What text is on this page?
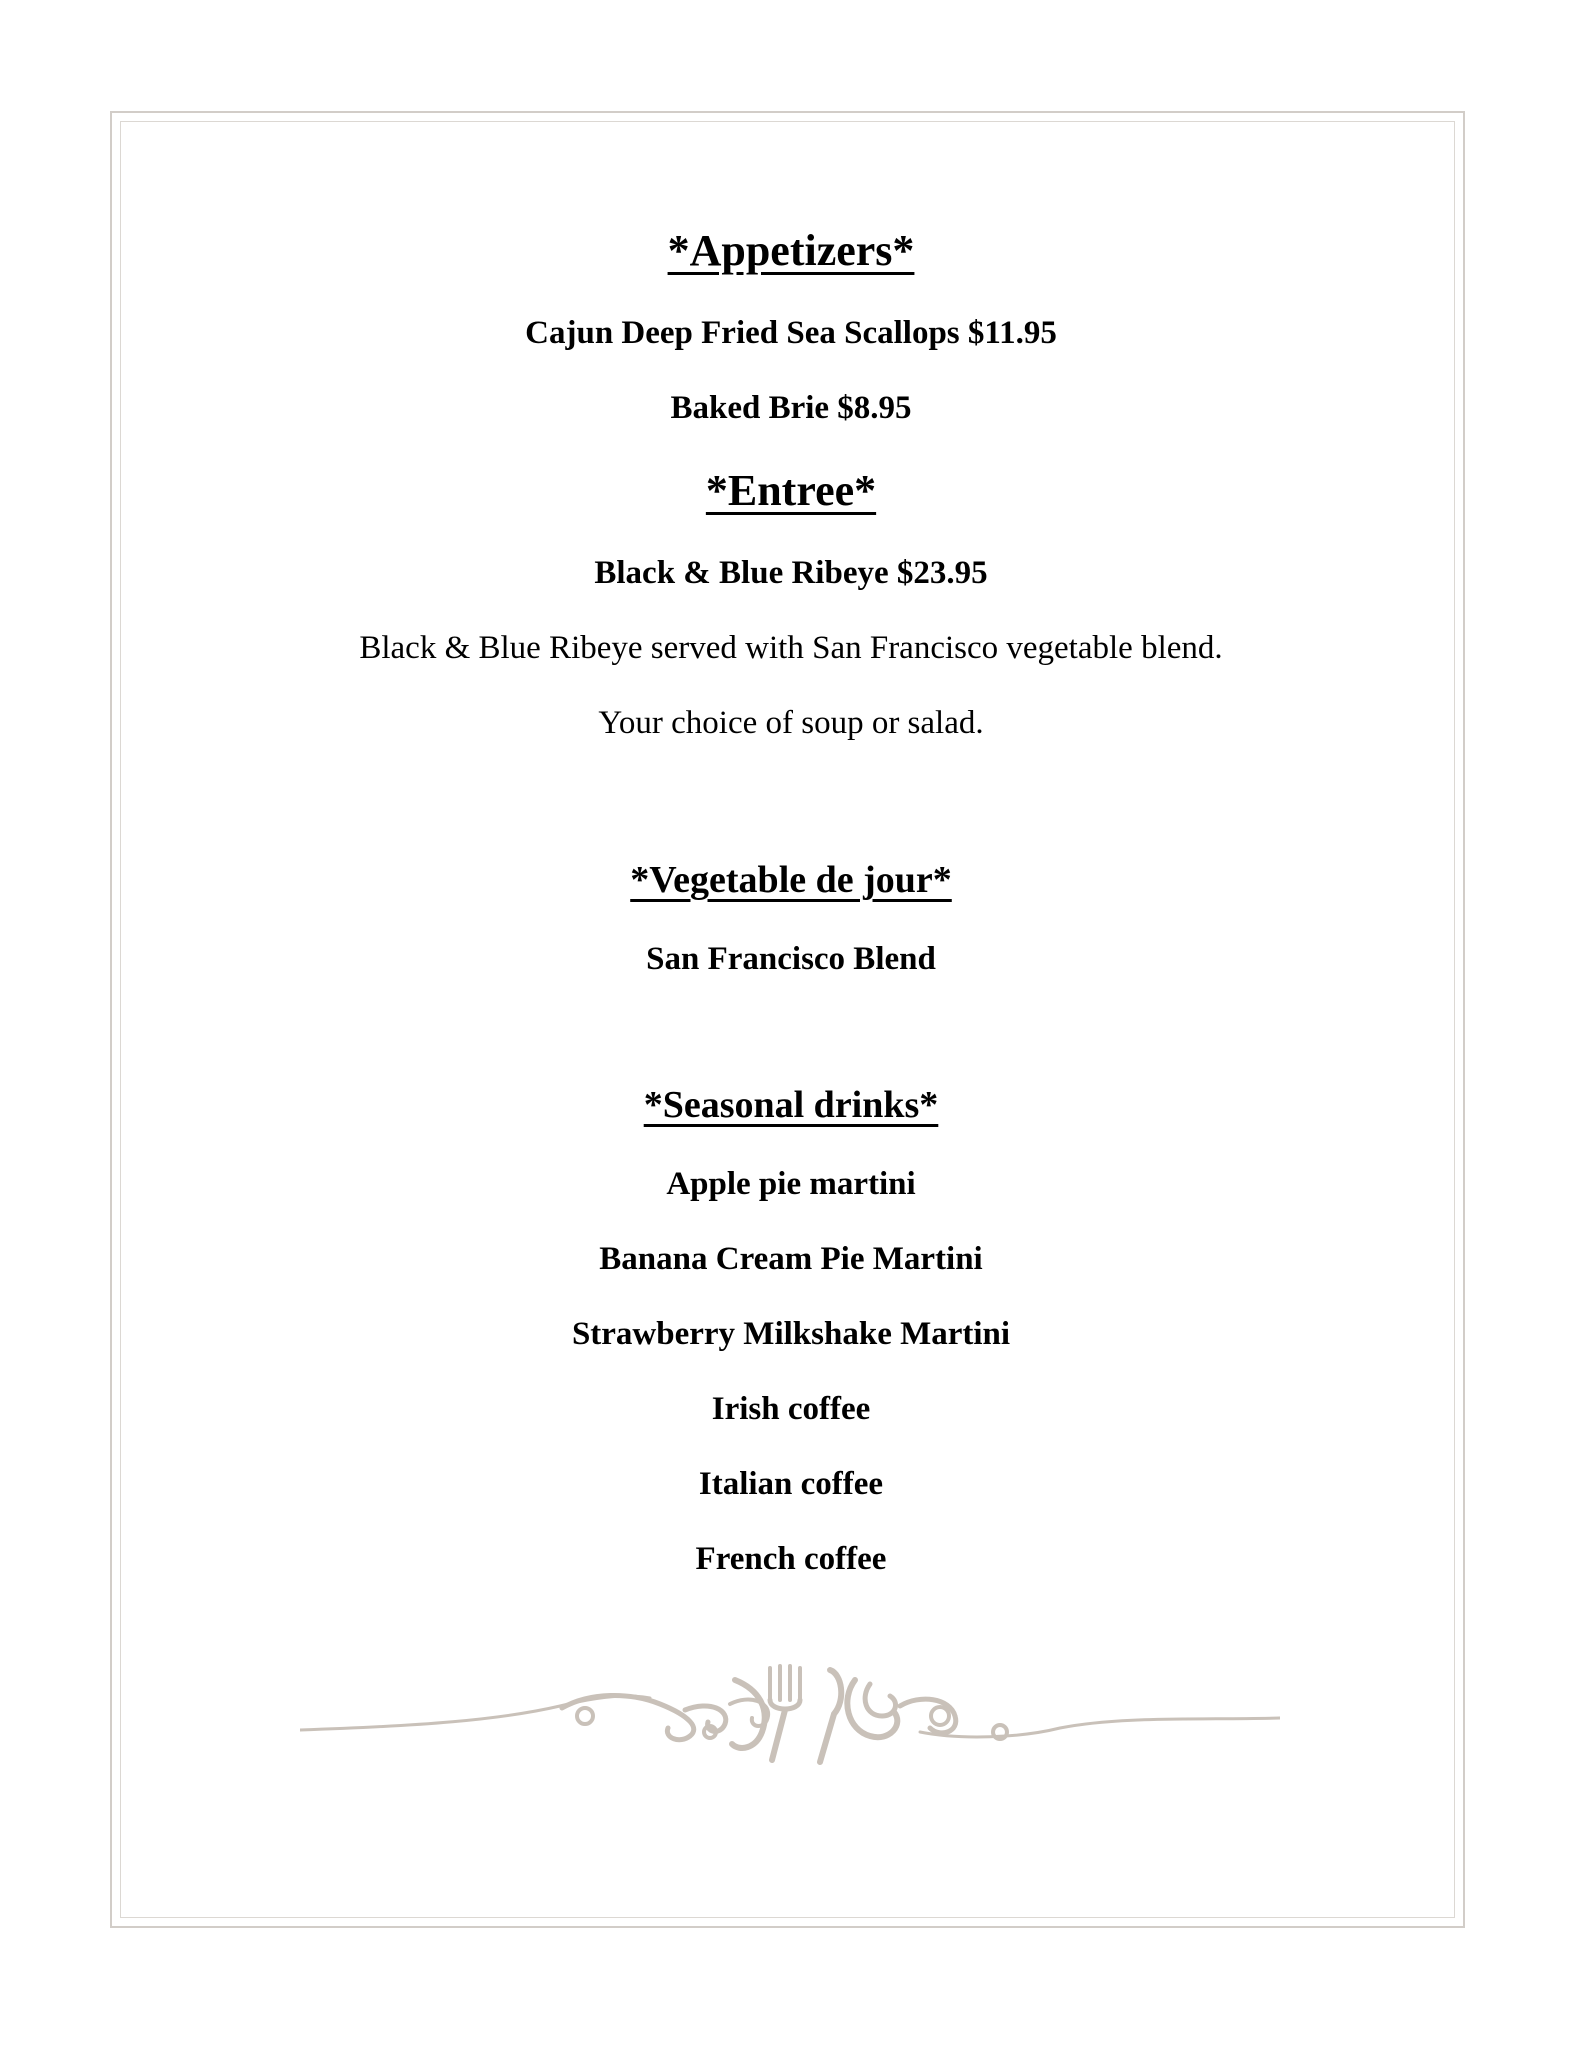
*Appetizers*
Cajun Deep Fried Sea Scallops $11.95
Baked Brie $8.95
*Entree*
Black & Blue Ribeye $23.95
Black & Blue Ribeye served with San Francisco vegetable blend.
Your choice of soup or salad.
*Vegetable de jour*
San Francisco Blend
*Seasonal drinks*
Apple pie martini
Banana Cream Pie Martini
Strawberry Milkshake Martini
Irish coffee
Italian coffee
French coffee
